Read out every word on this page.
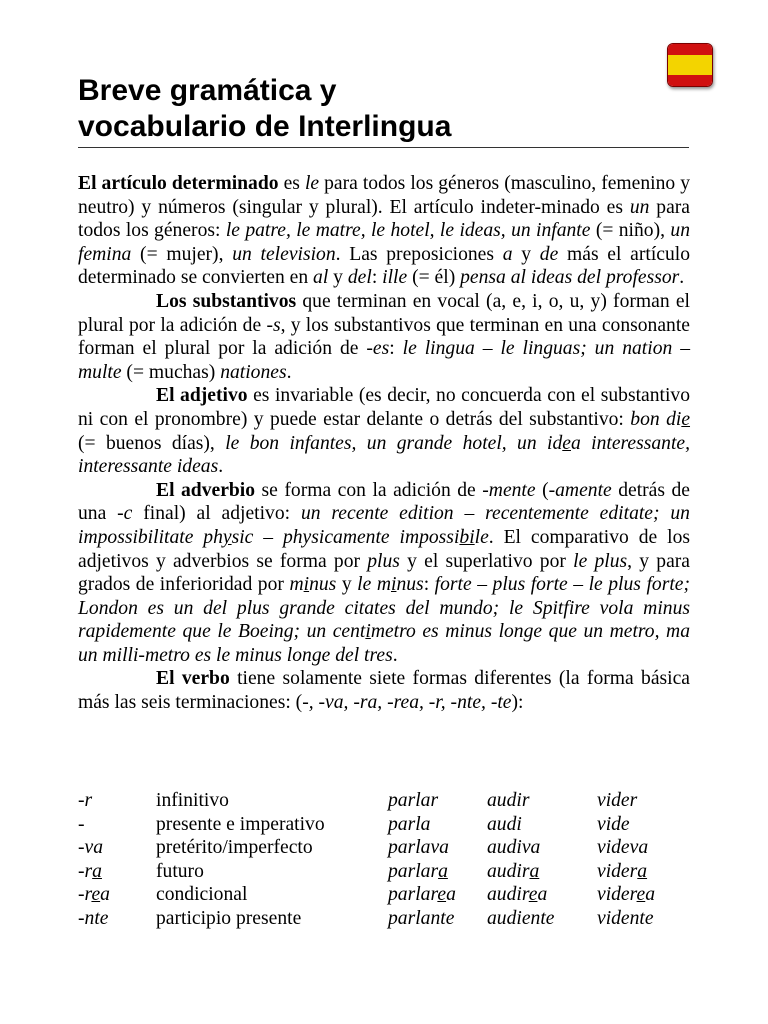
Breve gramática y
vocabulario de Interlingua

El artículo determinado es le para todos los géneros (masculino, femenino y neutro) y números (singular y plural). El artículo indeter-minado es un para todos los géneros: le patre, le matre, le hotel, le ideas, un infante (= niño), un femina (= mujer), un television. Las preposiciones a y de más el artículo determinado se convierten en al y del: ille (= él) pensa al ideas del professor.

Los substantivos que terminan en vocal (a, e, i, o, u, y) forman el plural por la adición de -s, y los substantivos que terminan en una consonante forman el plural por la adición de -es: le lingua – le linguas; un nation – multe (= muchas) nationes.

El adjetivo es invariable (es decir, no concuerda con el substantivo ni con el pronombre) y puede estar delante o detrás del substantivo: bon die (= buenos días), le bon infantes, un grande hotel, un idea interessante, interessante ideas.

El adverbio se forma con la adición de -mente (-amente detrás de una -c final) al adjetivo: un recente edition – recentemente editate; un impossibilitate physic – physicamente impossibile. El comparativo de los adjetivos y adverbios se forma por plus y el superlativo por le plus, y para grados de inferioridad por minus y le minus: forte – plus forte – le plus forte; London es un del plus grande citates del mundo; le Spitfire vola minus rapidemente que le Boeing; un centimetro es minus longe que un metro, ma un milli-metro es le minus longe del tres.

El verbo tiene solamente siete formas diferentes (la forma básica más las seis terminaciones: (-, -va, -ra, -rea, -r, -nte, -te):

-r	infinitivo	parlar	audir	vider
-	presente e imperativo	parla	audi	vide
-va	pretérito/imperfecto	parlava	audiva	videva
-ra	futuro	parlara	audira	videra
-rea	condicional	parlarea	audirea	viderea
-nte	participio presente	parlante	audiente	vidente
